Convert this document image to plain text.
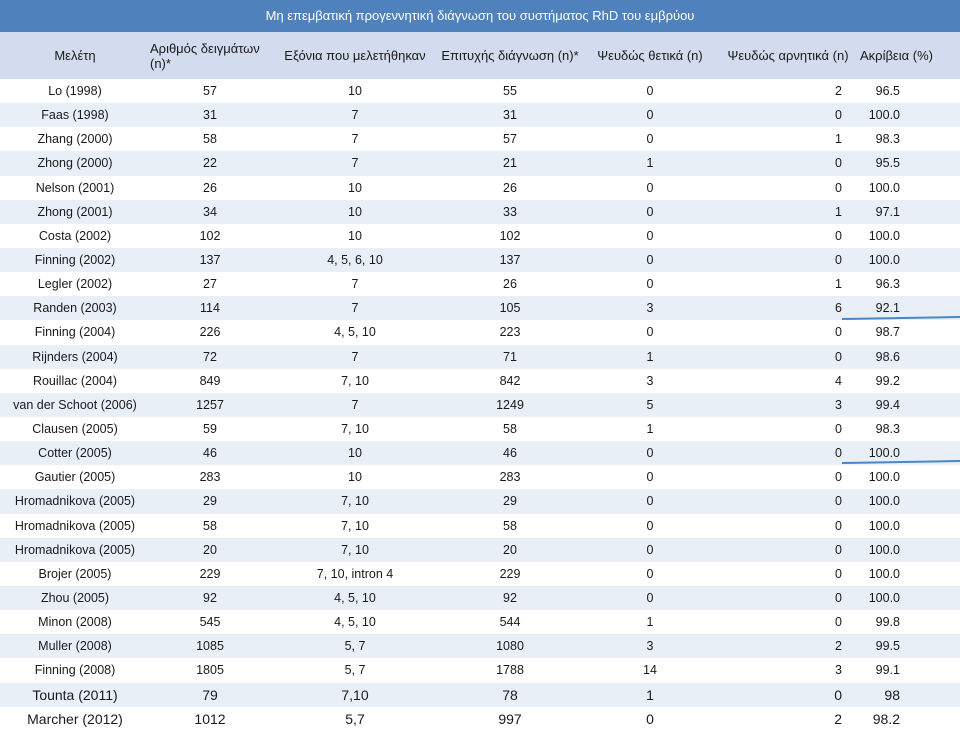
Μη επεμβατική προγεννητική διάγνωση του συστήματος RhD του εμβρύου
Μελέτη	Αριθμός δειγμάτων (n)*	Εξόνια που μελετήθηκαν	Επιτυχής διάγνωση (n)*	Ψευδώς θετικά (n)	Ψευδώς αρνητικά (n) Ακρίβεια (%)
Lo (1998)	57	10	55	0	2	96.5
Faas (1998)	31	7	31	0	0	100.0
Zhang (2000)	58	7	57	0	1	98.3
Zhong (2000)	22	7	21	1	0	95.5
Nelson (2001)	26	10	26	0	0	100.0
Zhong (2001)	34	10	33	0	1	97.1
Costa (2002)	102	10	102	0	0	100.0
Finning (2002)	137	4, 5, 6, 10	137	0	0	100.0
Legler (2002)	27	7	26	0	1	96.3
Randen (2003)	114	7	105	3	6	92.1
Finning (2004)	226	4, 5, 10	223	0	0	98.7
Rijnders (2004)	72	7	71	1	0	98.6
Rouillac (2004)	849	7, 10	842	3	4	99.2
van der Schoot (2006)	1257	7	1249	5	3	99.4
Clausen (2005)	59	7, 10	58	1	0	98.3
Cotter (2005)	46	10	46	0	0	100.0
Gautier (2005)	283	10	283	0	0	100.0
Hromadnikova (2005)	29	7, 10	29	0	0	100.0
Hromadnikova (2005)	58	7, 10	58	0	0	100.0
Hromadnikova (2005)	20	7, 10	20	0	0	100.0
Brojer (2005)	229	7, 10, intron 4	229	0	0	100.0
Zhou (2005)	92	4, 5, 10	92	0	0	100.0
Minon (2008)	545	4, 5, 10	544	1	0	99.8
Muller (2008)	1085	5, 7	1080	3	2	99.5
Finning (2008)	1805	5, 7	1788	14	3	99.1
Tounta (2011)	79	7,10	78	1	0	98
Marcher (2012)	1012	5,7	997	0	2	98.2
